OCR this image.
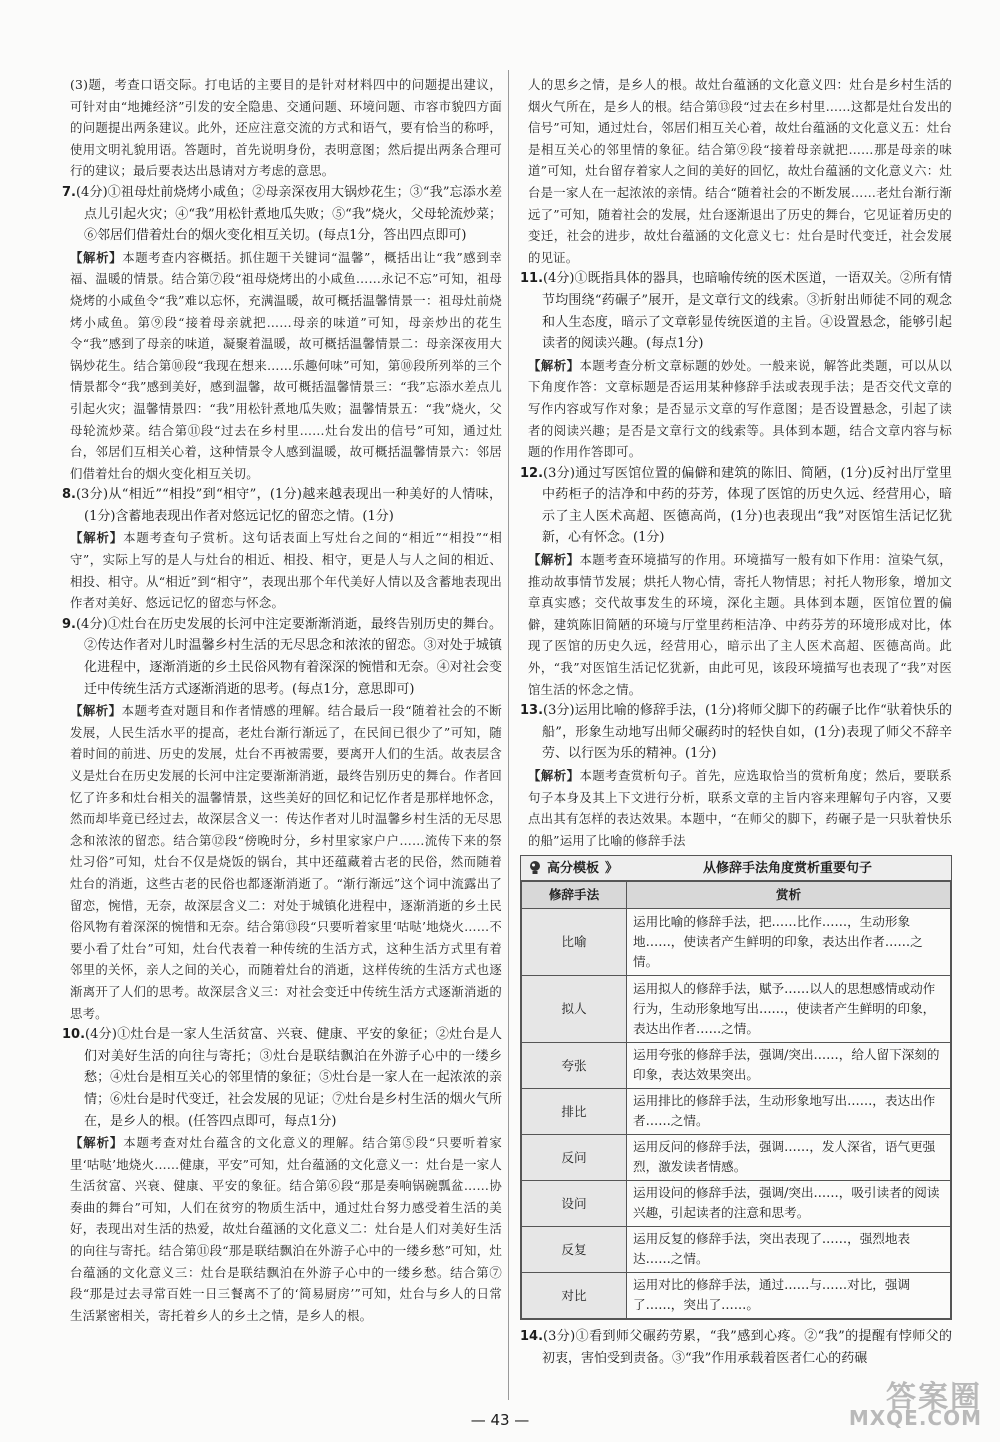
(3)题，考查口语交际。打电话的主要目的是针对材料四中的问题提出建议，可针对由“地摊经济”引发的安全隐患、交通问题、环境问题、市容市貌四方面的问题提出两条建议。此外，还应注意交流的方式和语气，要有恰当的称呼，使用文明礼貌用语。答题时，首先说明身份，表明意图；然后提出两条合理可行的建议；最后要表达出恳请对方考虑的意思。

7.(4分)①祖母灶前烧烤小咸鱼；②母亲深夜用大锅炒花生；③“我”忘添水差点儿引起火灾；④“我”用松针煮地瓜失败；⑤“我”烧火，父母轮流炒菜；⑥邻居们借着灶台的烟火变化相互关切。(每点1分，答出四点即可)

【解析】本题考查内容概括。抓住题干关键词“温馨”，概括出让“我”感到幸福、温暖的情景。结合第⑦段“祖母烧烤出的小咸鱼……永记不忘”可知，祖母烧烤的小咸鱼令“我”难以忘怀，充满温暖，故可概括温馨情景一：祖母灶前烧烤小咸鱼。第⑨段“接着母亲就把……母亲的味道”可知，母亲炒出的花生令“我”感到了母亲的味道，凝聚着温暖，故可概括温馨情景二：母亲深夜用大锅炒花生。结合第⑩段“我现在想来……乐趣何味”可知，第⑩段所列举的三个情景都令“我”感到美好，感到温馨，故可概括温馨情景三：“我”忘添水差点儿引起火灾；温馨情景四：“我”用松针煮地瓜失败；温馨情景五：“我”烧火，父母轮流炒菜。结合第⑪段“过去在乡村里……灶台发出的信号”可知，通过灶台，邻居们互相关心着，这种情景令人感到温暖，故可概括温馨情景六：邻居们借着灶台的烟火变化相互关切。

8.(3分)从“相近”“相投”到“相守”，(1分)越来越表现出一种美好的人情味，(1分)含蓄地表现出作者对悠远记忆的留恋之情。(1分)

【解析】本题考查句子赏析。这句话表面上写灶台之间的“相近”“相投”“相守”，实际上写的是人与灶台的相近、相投、相守，更是人与人之间的相近、相投、相守。从“相近”到“相守”，表现出那个年代美好人情以及含蓄地表现出作者对美好、悠远记忆的留恋与怀念。

9.(4分)①灶台在历史发展的长河中注定要渐渐消逝，最终告别历史的舞台。②传达作者对儿时温馨乡村生活的无尽思念和浓浓的留恋。③对处于城镇化进程中，逐渐消逝的乡土民俗风物有着深深的惋惜和无奈。④对社会变迁中传统生活方式逐渐消逝的思考。(每点1分，意思即可)

【解析】本题考查对题目和作者情感的理解。结合最后一段“随着社会的不断发展，人民生活水平的提高，老灶台渐行渐远了，在民间已很少了”可知，随着时间的前进、历史的发展，灶台不再被需要，要离开人们的生活。故表层含义是灶台在历史发展的长河中注定要渐渐消逝，最终告别历史的舞台。作者回忆了许多和灶台相关的温馨情景，这些美好的回忆和记忆作者是那样地怀念，然而却毕竟已经过去，故深层含义一：传达作者对儿时温馨乡村生活的无尽思念和浓浓的留恋。结合第⑫段“傍晚时分，乡村里家家户户……流传下来的祭灶习俗”可知，灶台不仅是烧饭的锅台，其中还蕴藏着古老的民俗，然而随着灶台的消逝，这些古老的民俗也都逐渐消逝了。“渐行渐远”这个词中流露出了留恋，惋惜，无奈，故深层含义二：对处于城镇化进程中，逐渐消逝的乡土民俗风物有着深深的惋惜和无奈。结合第⑬段“只要听着家里‘咕哒’地烧火……不要小看了灶台”可知，灶台代表着一种传统的生活方式，这种生活方式里有着邻里的关怀，亲人之间的关心，而随着灶台的消逝，这样传统的生活方式也逐渐离开了人们的思考。故深层含义三：对社会变迁中传统生活方式逐渐消逝的思考。

10.(4分)①灶台是一家人生活贫富、兴衰、健康、平安的象征；②灶台是人们对美好生活的向往与寄托；③灶台是联结飘泊在外游子心中的一缕乡愁；④灶台是相互关心的邻里情的象征；⑤灶台是一家人在一起浓浓的亲情；⑥灶台是时代变迁，社会发展的见证；⑦灶台是乡村生活的烟火气所在，是乡人的根。(任答四点即可，每点1分)

【解析】本题考查对灶台蕴含的文化意义的理解。结合第⑤段“只要听着家里‘咕哒’地烧火……健康，平安”可知，灶台蕴涵的文化意义一：灶台是一家人生活贫富、兴衰、健康、平安的象征。结合第⑥段“那是奏响锅碗瓢盆……协奏曲的舞台”可知，人们在贫穷的物质生活中，通过灶台努力感受着生活的美好，表现出对生活的热爱，故灶台蕴涵的文化意义二：灶台是人们对美好生活的向往与寄托。结合第⑪段“那是联结飘泊在外游子心中的一缕乡愁”可知，灶台蕴涵的文化意义三：灶台是联结飘泊在外游子心中的一缕乡愁。结合第⑦段“那是过去寻常百姓一日三餐离不了的‘简易厨房’”可知，灶台与乡人的日常生活紧密相关，寄托着乡人的乡土之情，是乡人的根。

人的思乡之情，是乡人的根。故灶台蕴涵的文化意义四：灶台是乡村生活的烟火气所在，是乡人的根。结合第⑬段“过去在乡村里……这都是灶台发出的信号”可知，通过灶台，邻居们相互关心着，故灶台蕴涵的文化意义五：灶台是相互关心的邻里情的象征。结合第⑨段“接着母亲就把……那是母亲的味道”可知，灶台留存着家人之间的美好的回忆，故灶台蕴涵的文化意义六：灶台是一家人在一起浓浓的亲情。结合“随着社会的不断发展……老灶台渐行渐远了”可知，随着社会的发展，灶台逐渐退出了历史的舞台，它见证着历史的变迁，社会的进步，故灶台蕴涵的文化意义七：灶台是时代变迁，社会发展的见证。

11.(4分)①既指具体的器具，也暗喻传统的医术医道，一语双关。②所有情节均围绕“药碾子”展开，是文章行文的线索。③折射出师徒不同的观念和人生态度，暗示了文章彰显传统医道的主旨。④设置悬念，能够引起读者的阅读兴趣。(每点1分)

【解析】本题考查分析文章标题的妙处。一般来说，解答此类题，可以从以下角度作答：文章标题是否运用某种修辞手法或表现手法；是否交代文章的写作内容或写作对象；是否显示文章的写作意图；是否设置悬念，引起了读者的阅读兴趣；是否是文章行文的线索等。具体到本题，结合文章内容与标题的作用作答即可。

12.(3分)通过写医馆位置的偏僻和建筑的陈旧、简陋，(1分)反衬出厅堂里中药柜子的洁净和中药的芬芳，体现了医馆的历史久远、经营用心，暗示了主人医术高超、医德高尚，(1分)也表现出“我”对医馆生活记忆犹新，心有怀念。(1分)

【解析】本题考查环境描写的作用。环境描写一般有如下作用：渲染气氛，推动故事情节发展；烘托人物心情，寄托人物情思；衬托人物形象，增加文章真实感；交代故事发生的环境，深化主题。具体到本题，医馆位置的偏僻，建筑陈旧简陋的环境与厅堂里药柜洁净、中药芬芳的环境形成对比，体现了医馆的历史久远，经营用心，暗示出了主人医术高超、医德高尚。此外，“我”对医馆生活记忆犹新，由此可见，该段环境描写也表现了“我”对医馆生活的怀念之情。

13.(3分)运用比喻的修辞手法，(1分)将师父脚下的药碾子比作“驮着快乐的船”，形象生动地写出师父碾药时的轻快自如，(1分)表现了师父不辞辛劳、以行医为乐的精神。(1分)

【解析】本题考查赏析句子。首先，应选取恰当的赏析角度；然后，要联系句子本身及其上下文进行分析，联系文章的主旨内容来理解句子内容，又要点出其有怎样的表达效果。本题中，“在师父的脚下，药碾子是一只驮着快乐的船”运用了比喻的修辞手法

高分模板 》	从修辞手法角度赏析重要句子
修辞手法	赏析
比喻	运用比喻的修辞手法，把……比作……，生动形象地……，使读者产生鲜明的印象，表达出作者……之情。
拟人	运用拟人的修辞手法，赋予……以人的思想感情或动作行为，生动形象地写出……，使读者产生鲜明的印象，表达出作者……之情。
夸张	运用夸张的修辞手法，强调/突出……，给人留下深刻的印象，表达效果突出。
排比	运用排比的修辞手法，生动形象地写出……，表达出作者……之情。
反问	运用反问的修辞手法，强调……，发人深省，语气更强烈，激发读者情感。
设问	运用设问的修辞手法，强调/突出……，吸引读者的阅读兴趣，引起读者的注意和思考。
反复	运用反复的修辞手法，突出表现了……，强烈地表达……之情。
对比	运用对比的修辞手法，通过……与……对比，强调了……，突出了……。

14.(3分)①看到师父碾药劳累，“我”感到心疼。②“我”的提醒有悖师父的初衷，害怕受到责备。③“我”作用承载着医者仁心的药碾

— 43 —
答案圈
MXQE.COM
